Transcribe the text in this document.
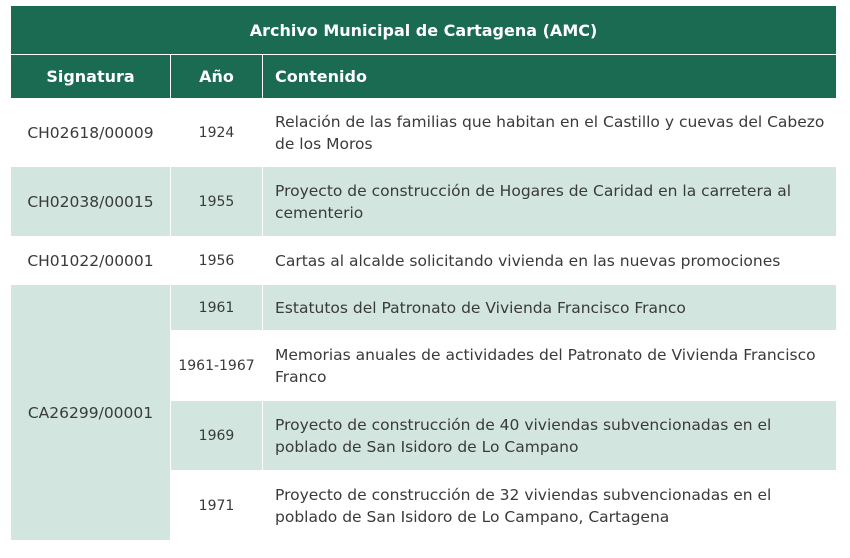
Archivo Municipal de Cartagena (AMC)		
Signatura	Año	Contenido
CH02618/00009	1924	Relación de las familias que habitan en el Castillo y cuevas del Cabezo de los Moros
CH02038/00015	1955	Proyecto de construcción de Hogares de Caridad en la carretera al cementerio
CH01022/00001	1956	Cartas al alcalde solicitando vivienda en las nuevas promociones
CA26299/00001	1961	Estatutos del Patronato de Vivienda Francisco Franco
	1961-1967	Memorias anuales de actividades del Patronato de Vivienda Francisco Franco
	1969	Proyecto de construcción de 40 viviendas subvencionadas en el poblado de San Isidoro de Lo Campano
	1971	Proyecto de construcción de 32 viviendas subvencionadas en el poblado de San Isidoro de Lo Campano, Cartagena
